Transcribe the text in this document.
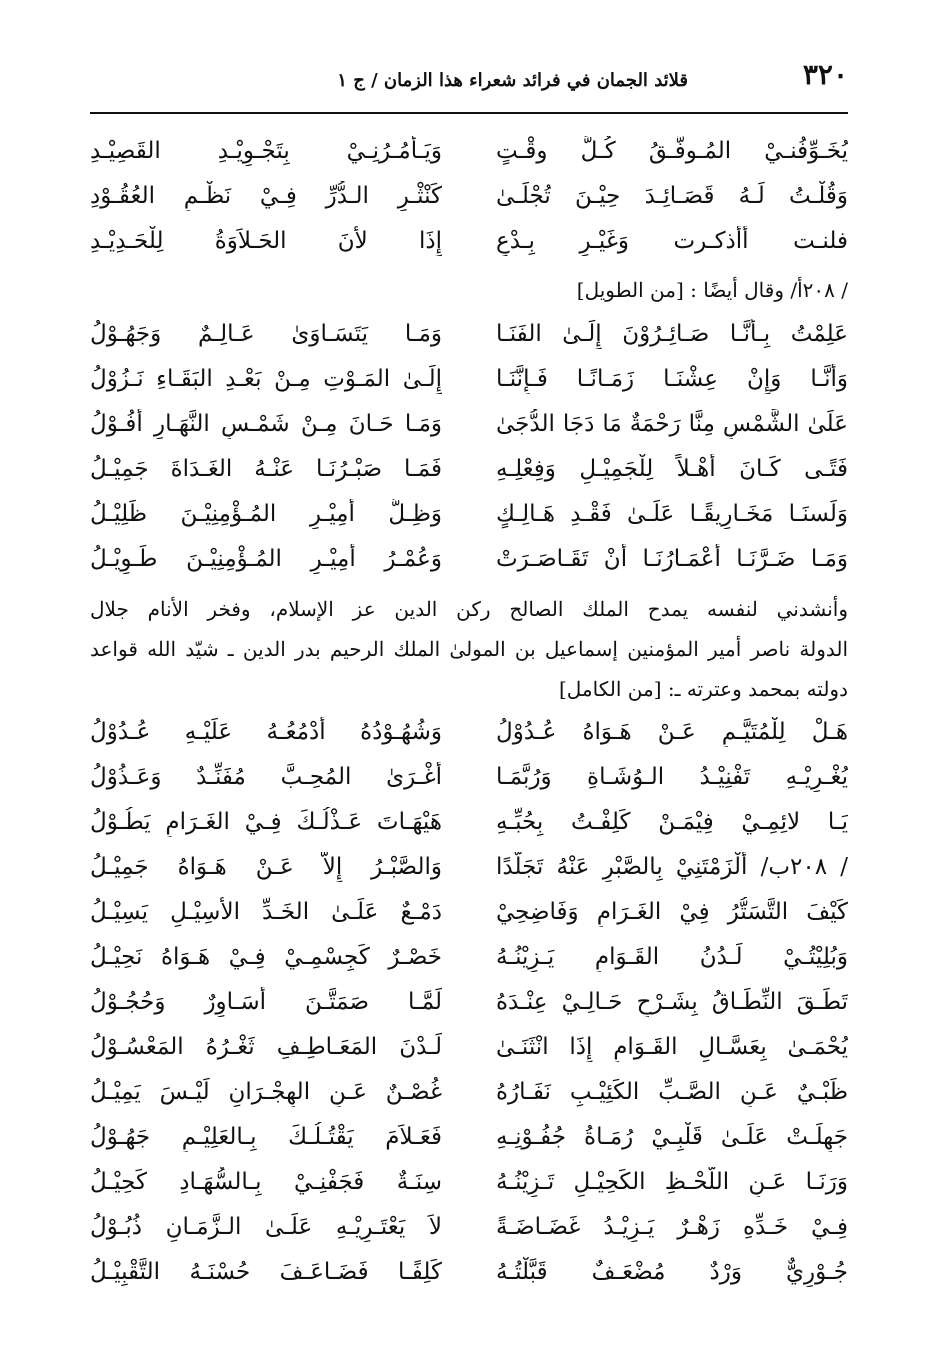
٣٢٠
قلائد الجمان في فرائد شعراء هذا الزمان / ج ١
يُخَـوِّفُنـيْ المُـوفَّـقُ كُـلَّ وقْـتٍ
وَيَـأْمُـرُنِـيْ بِتَجْـوِيْـدِ القَصِيْـدِ
وَقُلْـتُ لَـهُ قَصَـائِـدَ حِيْـنَ تُجْلَـىٰ
كَنْثْـرِ الـدُّرِّ فِـيْ نَظْـمِ العُقُـوْدِ
فلنـت أأذكـرت وَغَيْـرِ بِـدْعٍ
إِذَا لأَنَ الحَـلاَوَةُ لِلْحَـدِيْـدِ
/ ٢٠٨أ/ وقال أيضًا : [من الطويل]
عَلِمْتُ بِـأَنَّـا صَـائِـرُوْنَ إِلَـىٰ الفَنَـا
وَمَـا يَتَسَـاوَىٰ عَـالِـمٌ وَجَهُـوْلُ
وَأَنَّـا وَإِنْ عِشْنَـا زَمَـانًـا فَـإِنَّنَـا
إِلَـىٰ المَـوْتِ مِـنْ بَعْـدِ البَقَـاءِ نَـزُوْلُ
عَلَىٰ الشَّمْسِ مِنَّا رَحْمَةٌ مَا دَجَا الدُّجَىٰ
وَمَـا حَـانَ مِـنْ شَمْـسِ النَّهَـارِ أُفُـوْلُ
فَتًـى كَـانَ أَهْـلاً لِلْجَمِيْـلِ وَفِعْلِـهِ
فَمَـا صَبْـرُنَـا عَنْـهُ الغَـدَاةَ جَمِيْـلُ
وَلَسنَـا مَخَـارِيقًـا عَلَـىٰ فَقْـدِ هَـالِـكٍ
وَظِـلُّ أَمِيْـرِ المُـؤْمِنِيْـنَ ظَلِيْـلُ
وَمَـا ضَـرَّنَـا أَعْمَـارُنَـا أَنْ تَقَـاصَـرَتْ
وَعُمْـرُ أَمِيْـرِ المُـؤْمِنِيْـنَ طَـوِيْـلُ
وأنشدني لنفسه يمدح الملك الصالح ركن الدين عز الإسلام، وفخر الأنام جلال
الدولة ناصر أمير المؤمنين إسماعيل بن المولىٰ الملك الرحيم بدر الدين ـ شيّد الله قواعد
دولته بمحمد وعترته ـ: [من الكامل]
هَـلْ لِلْمُتَيَّـمِ عَـنْ هَـوَاهُ عُـدُوْلُ
وَشُهُـوْدُهُ أَدْمُعُـهُ عَلَيْـهِ عُـدُوْلُ
يُغْـرِيْـهِ تَفْنِيْـدُ الـوُشَـاةِ وَرُبَّمَـا
أَغْـرَىٰ المُحِـبَّ مُفَنِّـدٌ وَعَـذُوْلُ
يَـا لائِمِـيْ فِيْمَـنْ كَلِفْـتُ بِحُبِّـهِ
هَيْهَـاتَ عَـذْلُـكَ فِـيْ الغَـرَامِ يَطُـوْلُ
/ ٢٠٨ب/ أَلْزَمْتَنِيْ بِالصَّبْرِ عَنْهُ تَجَلُّدًا
وَالصَّبْـرُ إِلاَّ عَـنْ هَـوَاهُ جَمِيْـلُ
كَيْفَ التَّسَتُّرُ فِيْ الغَـرَامِ وَفَاضِحِيْ
دَمْـعٌ عَلَـىٰ الخَـدِّ الأَسِيْـلِ يَسِيْـلُ
وَبُلِيْتُـيْ لَـدُنُ القَـوَامِ يَـزِيْنُـهُ
خَصْـرٌ كَجِسْمِـيْ فِـيْ هَـوَاهُ نَحِيْـلُ
تَطَـقَ النِّطَـاقُ بِشَـرْحِ حَـالِـيْ عِنْـدَهُ
لَمَّـا صَمَتَّـنَ أَسَـاوِرٌ وَحُجُـوْلُ
يُحْمَـىٰ بِعَسَّـالِ القَـوَامِ إِذَا انْثَنَـىٰ
لَـدْنَ المَعَـاطِـفِ ثَغْـرُهُ المَعْسُـوْلُ
ظَبْـيٌ عَـنِ الصَّـبِّ الكَئِيْـبِ نَفَـارُهُ
غُصْـنٌ عَـنِ الهِجْـرَانِ لَيْـسَ يَمِيْـلُ
جَهِلَـتْ عَلَـىٰ قَلْبِـيْ رُمَـاةُ جُفُـوْنِـهِ
فَعَـلاَمَ يَقْتُـلُـكَ بِـالعَلِيْـمِ جَهُـوْلُ
وَرَنَـا عَـنِ اللَّحْـظِ الكَحِيْـلِ تَـزِيْنُـهُ
سِنَـةٌ فَجَفْنِـيْ بِـالسُّهَـادِ كَحِيْـلُ
فِـيْ خَـدِّهِ زَهْـرٌ يَـزِيْـدُ غَضَـاضَـةً
لاَ يَعْتَـرِيْـهِ عَلَـىٰ الـزَّمَـانِ ذُبُـوْلُ
جُـوْرِيٌّ وَرْدٌ مُضْعَـفٌ قَبَّلْتُـهُ
كَلِفًـا فَضَـاعَـفَ حُسْنَـهُ التَّقْبِيْـلُ
